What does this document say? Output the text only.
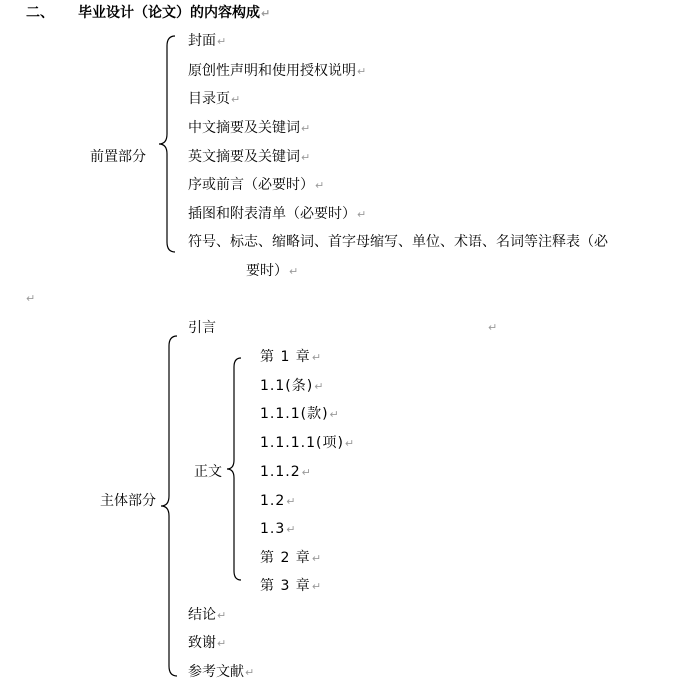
二、 毕业设计（论文）的内容构成↵
前置部分
封面↵
原创性声明和使用授权说明↵
目录页↵
中文摘要及关键词↵
英文摘要及关键词↵
序或前言（必要时）↵
插图和附表清单（必要时）↵
符号、标志、缩略词、首字母缩写、单位、术语、名词等注释表（必
要时）↵
↵
引言	↵
主体部分
正文
第 1 章↵
1.1(条)↵
1.1.1(款)↵
1.1.1.1(项)↵
1.1.2↵
1.2↵
1.3↵
第 2 章↵
第 3 章↵
结论↵
致谢↵
参考文献↵
